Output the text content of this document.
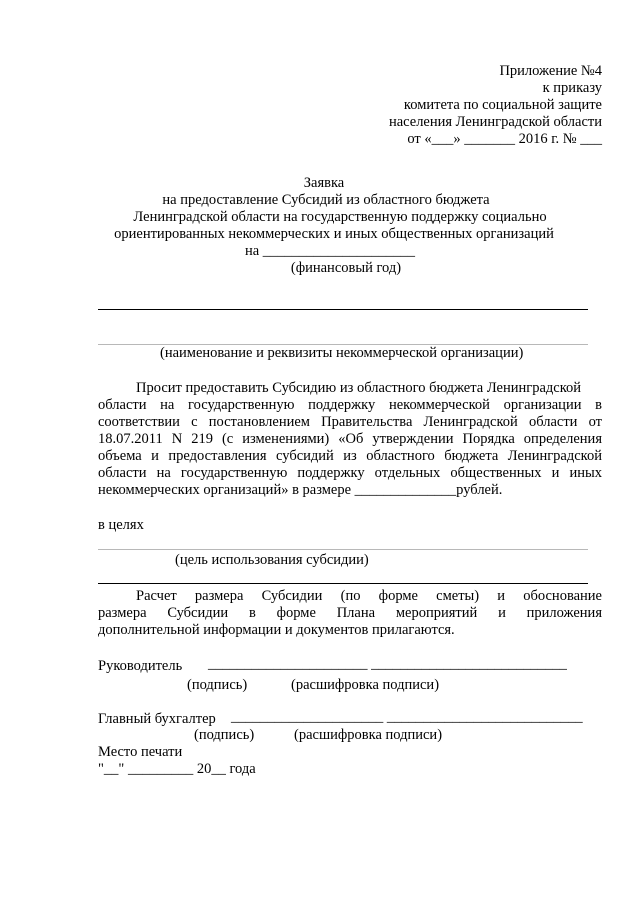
Приложение №4

к приказу

комитета по социальной защите

населения Ленинградской области

от «___» _______ 2016 г. № ___

Заявка

на предоставление Субсидий из областного бюджета

Ленинградской области на государственную поддержку социально

ориентированных некоммерческих и иных общественных организаций

на _____________________

(финансовый год)

(наименование и реквизиты некоммерческой организации)

Просит предоставить Субсидию из областного бюджета Ленинградской

области на государственную поддержку некоммерческой организации в
соответствии с постановлением Правительства Ленинградской области от
18.07.2011 N 219 (с изменениями) «Об утверждении Порядка определения
объема и предоставления субсидий из областного бюджета Ленинградской
области на государственную поддержку отдельных общественных и иных

некоммерческих организаций» в размере ______________рублей.

в целях

(цель использования субсидии)

Расчет размера Субсидии (по форме сметы) и обоснование
размера Субсидии в форме Плана мероприятий и приложения

дополнительной информации и документов прилагаются.

Руководитель ______________________ ___________________________

(подпись)	(расшифровка подписи)

Главный бухгалтер _____________________ ___________________________

(подпись)	(расшифровка подписи)

Место печати

"__" _________ 20__ года
